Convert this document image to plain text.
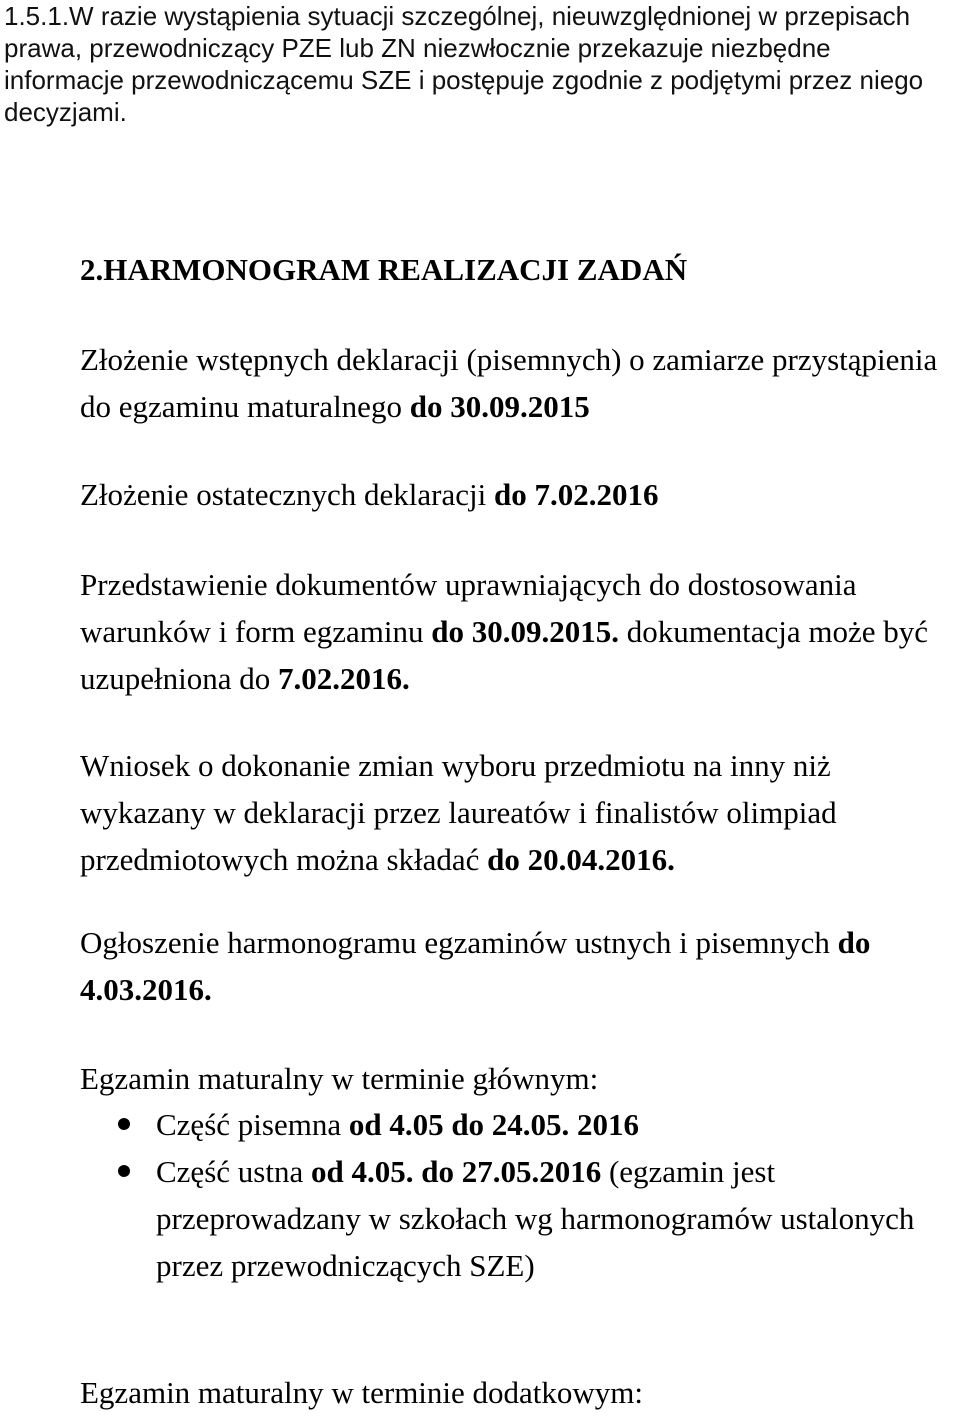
1.5.1.W razie wystąpienia sytuacji szczególnej, nieuwzględnionej w przepisach prawa, przewodniczący PZE lub ZN niezwłocznie przekazuje niezbędne informacje przewodniczącemu SZE i postępuje zgodnie z podjętymi przez niego decyzjami.

2.HARMONOGRAM REALIZACJI ZADAŃ

Złożenie wstępnych deklaracji (pisemnych) o zamiarze przystąpienia do egzaminu maturalnego do 30.09.2015

Złożenie ostatecznych deklaracji do 7.02.2016

Przedstawienie dokumentów uprawniających do dostosowania warunków i form egzaminu do 30.09.2015. dokumentacja może być uzupełniona do 7.02.2016.

Wniosek o dokonanie zmian wyboru przedmiotu na inny niż wykazany w deklaracji przez laureatów i finalistów olimpiad przedmiotowych można składać do 20.04.2016.

Ogłoszenie harmonogramu egzaminów ustnych i pisemnych do 4.03.2016.

Egzamin maturalny w terminie głównym:

Część pisemna od 4.05 do 24.05. 2016
Część ustna od 4.05. do 27.05.2016 (egzamin jest przeprowadzany w szkołach wg harmonogramów ustalonych przez przewodniczących SZE)

Egzamin maturalny w terminie dodatkowym:
